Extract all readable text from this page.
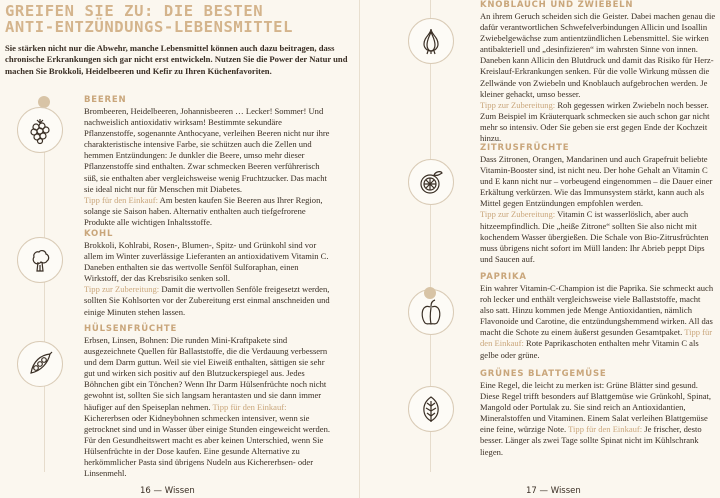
GREIFEN SIE ZU: DIE BESTEN
ANTI-ENTZÜNDUNGS-LEBENSMITTEL
Sie stärken nicht nur die Abwehr, manche Lebensmittel können auch dazu beitragen, dass chronische Erkrankungen sich gar nicht erst entwickeln. Nutzen Sie die Power der Natur und machen Sie Brokkoli, Heidelbeeren und Kefir zu Ihren Küchenfavoriten.
BEEREN
Brombeeren, Heidelbeeren, Johannisbeeren … Lecker! Sommer! Und nachweislich antioxidativ wirksam! Bestimmte sekundäre Pflanzenstoffe, sogenannte Anthocyane, verleihen Beeren nicht nur ihre charakteristische intensive Farbe, sie schützen auch die Zellen und hemmen Entzündungen: Je dunkler die Beere, umso mehr dieser Pflanzenstoffe sind enthalten. Zwar schmecken Beeren verführerisch süß, sie enthalten aber vergleichsweise wenig Fruchtzucker. Das macht sie ideal nicht nur für Menschen mit Diabetes.
Tipp für den Einkauf: Am besten kaufen Sie Beeren aus Ihrer Region, solange sie Saison haben. Alternativ enthalten auch tiefgefrorene Produkte alle wichtigen Inhaltsstoffe.
KOHL
Brokkoli, Kohlrabi, Rosen-, Blumen-, Spitz- und Grünkohl sind vor allem im Winter zuverlässige Lieferanten an antioxidativem Vitamin C. Daneben enthalten sie das wertvolle Senföl Sulforaphan, einen Wirkstoff, der das Krebsrisiko senken soll.
Tipp zur Zubereitung: Damit die wertvollen Senföle freigesetzt werden, sollten Sie Kohlsorten vor der Zubereitung erst einmal anschneiden und einige Minuten stehen lassen.
HÜLSENFRÜCHTE
Erbsen, Linsen, Bohnen: Die runden Mini-Kraftpakete sind ausgezeichnete Quellen für Ballaststoffe, die die Verdauung verbessern und dem Darm guttun. Weil sie viel Eiweiß enthalten, sättigen sie sehr gut und wirken sich positiv auf den Blutzuckerspiegel aus. Jedes Böhnchen gibt ein Tönchen? Wenn Ihr Darm Hülsenfrüchte noch nicht gewohnt ist, sollten Sie sich langsam herantasten und sie dann immer häufiger auf den Speiseplan nehmen. Tipp für den Einkauf: Kichererbsen oder Kidneybohnen schmecken intensiver, wenn sie getrocknet sind und in Wasser über einige Stunden eingeweicht werden. Für den Gesundheitswert macht es aber keinen Unterschied, wenn Sie Hülsenfrüchte in der Dose kaufen. Eine gesunde Alternative zu herkömmlicher Pasta sind übrigens Nudeln aus Kichererbsen- oder Linsenmehl.
16 — Wissen
KNOBLAUCH UND ZWIEBELN
An ihrem Geruch scheiden sich die Geister. Dabei machen genau die dafür verantwortlichen Schwefelverbindungen Allicin und Isoallin Zwiebelgewächse zum antientzündlichen Lebensmittel. Sie wirken antibakteriell und „desinfizieren“ im wahrsten Sinne von innen. Daneben kann Allicin den Blutdruck und damit das Risiko für Herz-Kreislauf-Erkrankungen senken. Für die volle Wirkung müssen die Zellwände von Zwiebeln und Knoblauch aufgebrochen werden. Je kleiner gehackt, umso besser.
Tipp zur Zubereitung: Roh gegessen wirken Zwiebeln noch besser. Zum Beispiel im Kräuterquark schmecken sie auch schon gar nicht mehr so intensiv. Oder Sie geben sie erst gegen Ende der Kochzeit hinzu.
ZITRUSFRÜCHTE
Dass Zitronen, Orangen, Mandarinen und auch Grapefruit beliebte Vitamin-Booster sind, ist nicht neu. Der hohe Gehalt an Vitamin C und E kann nicht nur – vorbeugend eingenommen – die Dauer einer Erkältung verkürzen. Wie das Immunsystem stärkt, kann auch als Mittel gegen Entzündungen empfohlen werden.
Tipp zur Zubereitung: Vitamin C ist wasserlöslich, aber auch hitzeempfindlich. Die „heiße Zitrone“ sollten Sie also nicht mit kochendem Wasser übergießen. Die Schale von Bio-Zitrusfrüchten muss übrigens nicht sofort im Müll landen: Ihr Abrieb peppt Dips und Saucen auf.
PAPRIKA
Ein wahrer Vitamin-C-Champion ist die Paprika. Sie schmeckt auch roh lecker und enthält vergleichsweise viele Ballaststoffe, macht also satt. Hinzu kommen jede Menge Antioxidantien, nämlich Flavonoide und Carotine, die entzündungshemmend wirken. All das macht die Schote zu einem äußerst gesunden Gesamtpaket. Tipp für den Einkauf: Rote Paprikaschoten enthalten mehr Vitamin C als gelbe oder grüne.
GRÜNES BLATTGEMÜSE
Eine Regel, die leicht zu merken ist: Grüne Blätter sind gesund. Diese Regel trifft besonders auf Blattgemüse wie Grünkohl, Spinat, Mangold oder Portulak zu. Sie sind reich an Antioxidantien, Mineralstoffen und Vitaminen. Einem Salat verleihen Blattgemüse eine feine, würzige Note. Tipp für den Einkauf: Je frischer, desto besser. Länger als zwei Tage sollte Spinat nicht im Kühlschrank liegen.
17 — Wissen
